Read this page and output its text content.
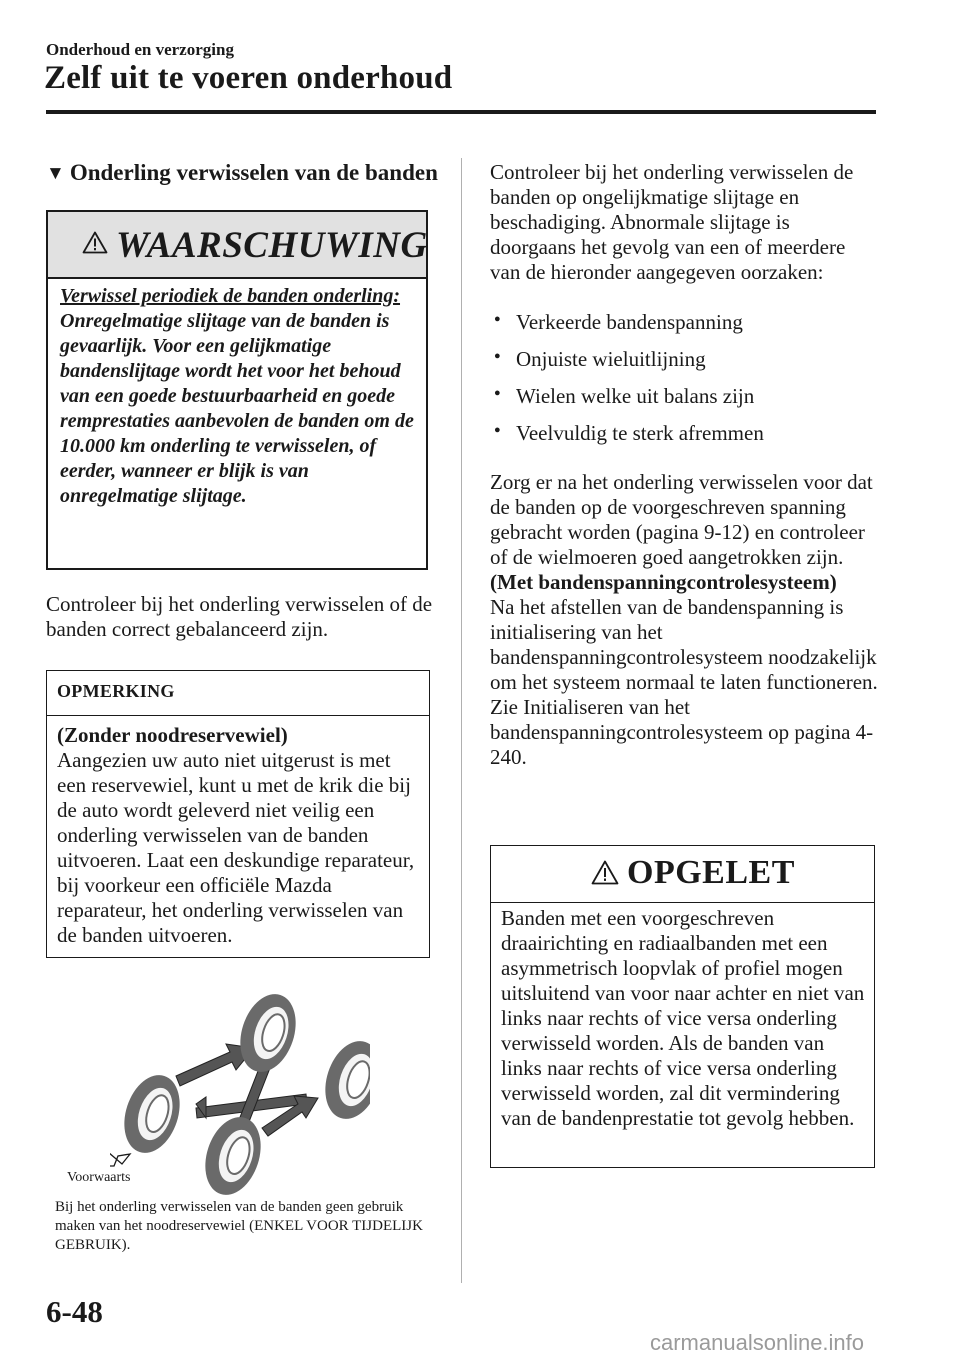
Onderhoud en verzorging
Zelf uit te voeren onderhoud
▼ Onderling verwisselen van de banden
WAARSCHUWING
Verwissel periodiek de banden onderling:
Onregelmatige slijtage van de banden is gevaarlijk. Voor een gelijkmatige bandenslijtage wordt het voor het behoud van een goede bestuurbaarheid en goede remprestaties aanbevolen de banden om de 10.000 km onderling te verwisselen, of eerder, wanneer er blijk is van onregelmatige slijtage.
Controleer bij het onderling verwisselen of de banden correct gebalanceerd zijn.
OPMERKING
(Zonder noodreservewiel)
Aangezien uw auto niet uitgerust is met een reservewiel, kunt u met de krik die bij de auto wordt geleverd niet veilig een onderling verwisselen van de banden uitvoeren. Laat een deskundige reparateur, bij voorkeur een officiële Mazda reparateur, het onderling verwisselen van de banden uitvoeren.
Voorwaarts
Bij het onderling verwisselen van de banden geen gebruik maken van het noodreservewiel (ENKEL VOOR TIJDELIJK GEBRUIK).
Controleer bij het onderling verwisselen de banden op ongelijkmatige slijtage en beschadiging. Abnormale slijtage is doorgaans het gevolg van een of meerdere van de hieronder aangegeven oorzaken:
● Verkeerde bandenspanning
● Onjuiste wieluitlijning
● Wielen welke uit balans zijn
● Veelvuldig te sterk afremmen
Zorg er na het onderling verwisselen voor dat de banden op de voorgeschreven spanning gebracht worden (pagina 9-12) en controleer of de wielmoeren goed aangetrokken zijn.
(Met bandenspanningcontrolesysteem)
Na het afstellen van de bandenspanning is initialisering van het bandenspanningcontrolesysteem noodzakelijk om het systeem normaal te laten functioneren.
Zie Initialiseren van het bandenspanningcontrolesysteem op pagina 4-240.
OPGELET
Banden met een voorgeschreven draairichting en radiaalbanden met een asymmetrisch loopvlak of profiel mogen uitsluitend van voor naar achter en niet van links naar rechts of vice versa onderling verwisseld worden. Als de banden van links naar rechts of vice versa onderling verwisseld worden, zal dit vermindering van de bandenprestatie tot gevolg hebben.
6-48
carmanualsonline.info
